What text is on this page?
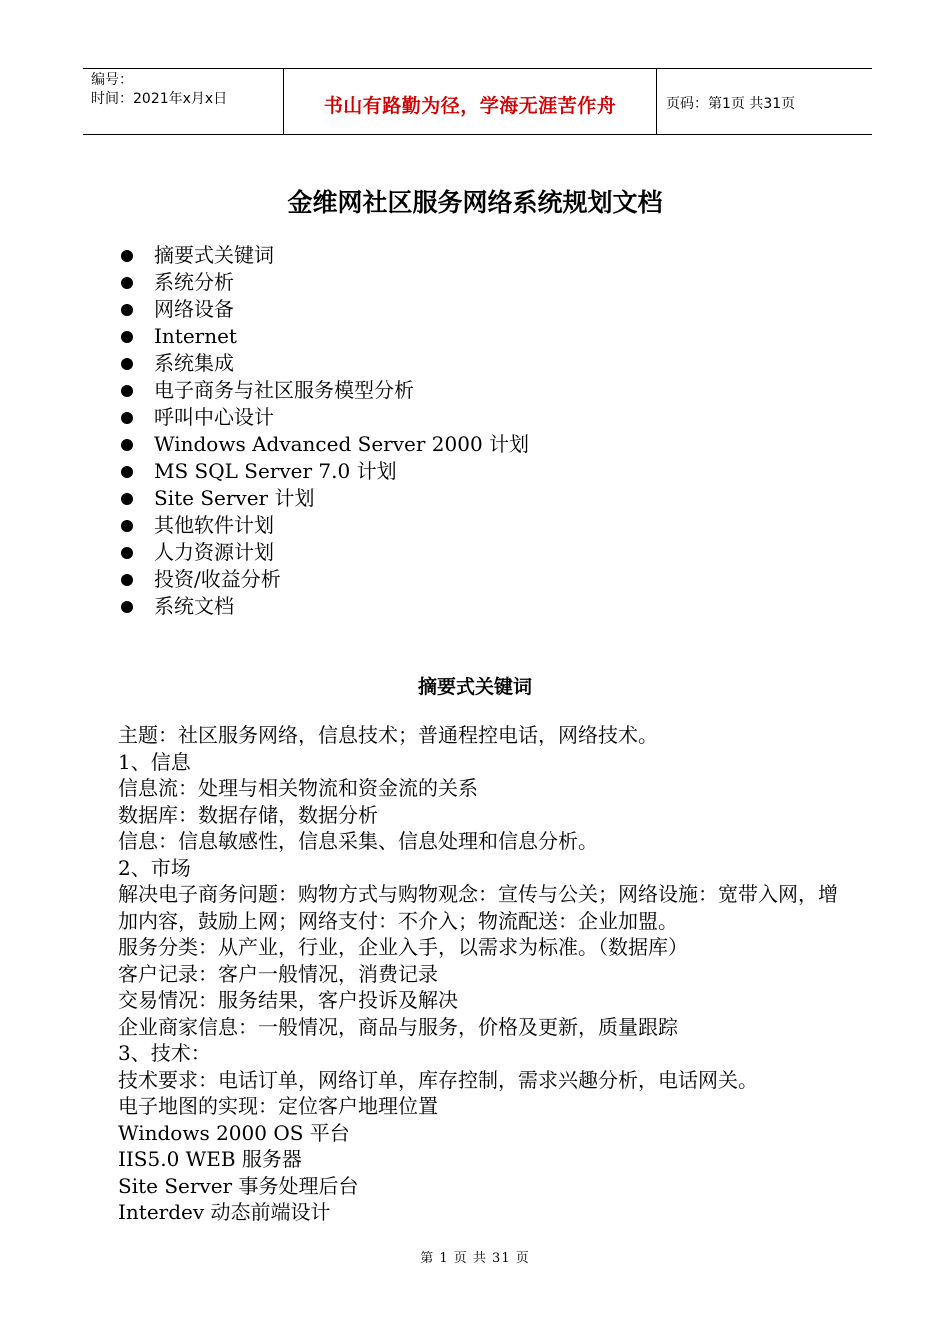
编号：
时间：2021年x月x日	书山有路勤为径，学海无涯苦作舟	页码：第1页 共31页
金维网社区服务网络系统规划文档
摘要式关键词
系统分析
网络设备
Internet
系统集成
电子商务与社区服务模型分析
呼叫中心设计
Windows Advanced Server 2000 计划
MS SQL Server 7.0 计划
Site Server 计划
其他软件计划
人力资源计划
投资/收益分析
系统文档
摘要式关键词

主题：社区服务网络，信息技术；普通程控电话，网络技术。

1、信息

信息流：处理与相关物流和资金流的关系

数据库：数据存储，数据分析

信息：信息敏感性，信息采集、信息处理和信息分析。

2、市场

解决电子商务问题：购物方式与购物观念：宣传与公关；网络设施：宽带入网，增加内容，鼓励上网；网络支付：不介入；物流配送：企业加盟。

服务分类：从产业，行业，企业入手，以需求为标准。（数据库）

客户记录：客户一般情况，消费记录

交易情况：服务结果，客户投诉及解决

企业商家信息：一般情况，商品与服务，价格及更新，质量跟踪

3、技术：

技术要求：电话订单，网络订单，库存控制，需求兴趣分析，电话网关。

电子地图的实现：定位客户地理位置

Windows 2000 OS 平台

IIS5.0 WEB 服务器

Site Server 事务处理后台

Interdev 动态前端设计

第 1 页 共 31 页
